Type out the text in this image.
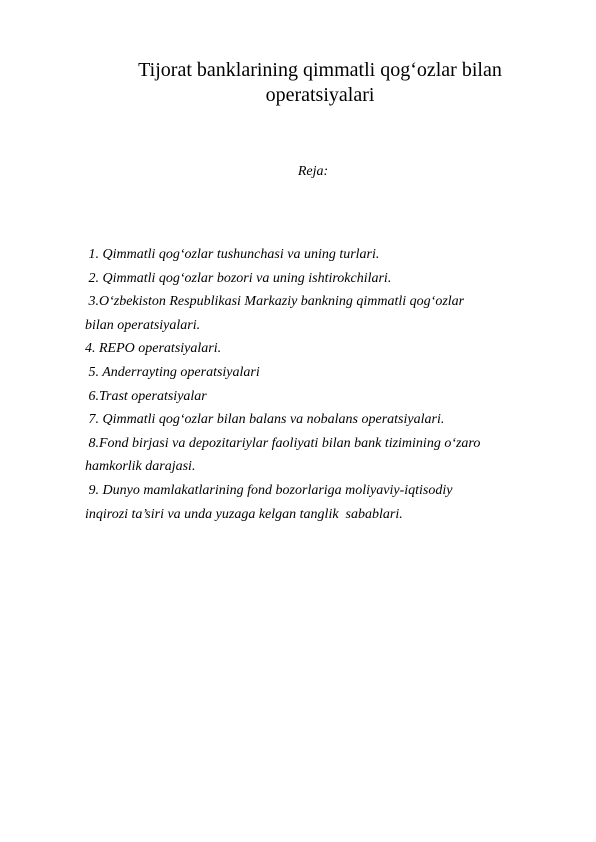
Tijorat banklarining qimmatli qog‘ozlar bilan operatsiyalari
Reja:
1. Qimmatli qog‘ozlar tushunchasi va uning turlari.
2. Qimmatli qog‘ozlar bozori va uning ishtirokchilari.
3.O‘zbekiston Respublikasi Markaziy bankning qimmatli qog‘ozlar
bilan operatsiyalari.
4. REPO operatsiyalari.
5. Anderrayting operatsiyalari
6.Trast operatsiyalar
7. Qimmatli qog‘ozlar bilan balans va nobalans operatsiyalari.
8.Fond birjasi va depozitariylar faoliyati bilan bank tizimining o‘zaro
hamkorlik darajasi.
9. Dunyo mamlakatlarining fond bozorlariga moliyaviy-iqtisodiy
inqirozi ta’siri va unda yuzaga kelgan tanglik  sabablari.
